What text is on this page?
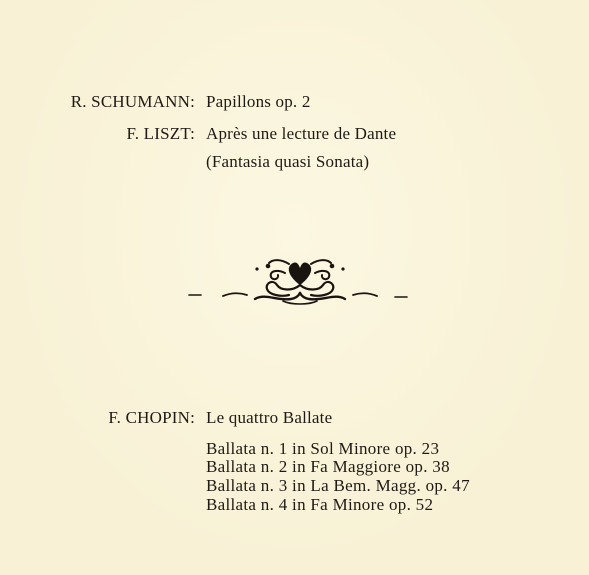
R. SCHUMANN: Papillons op. 2
F. LISZT: Après une lecture de Dante
(Fantasia quasi Sonata)
F. CHOPIN: Le quattro Ballate
Ballata n. 1 in Sol Minore op. 23
Ballata n. 2 in Fa Maggiore op. 38
Ballata n. 3 in La Bem. Magg. op. 47
Ballata n. 4 in Fa Minore op. 52
